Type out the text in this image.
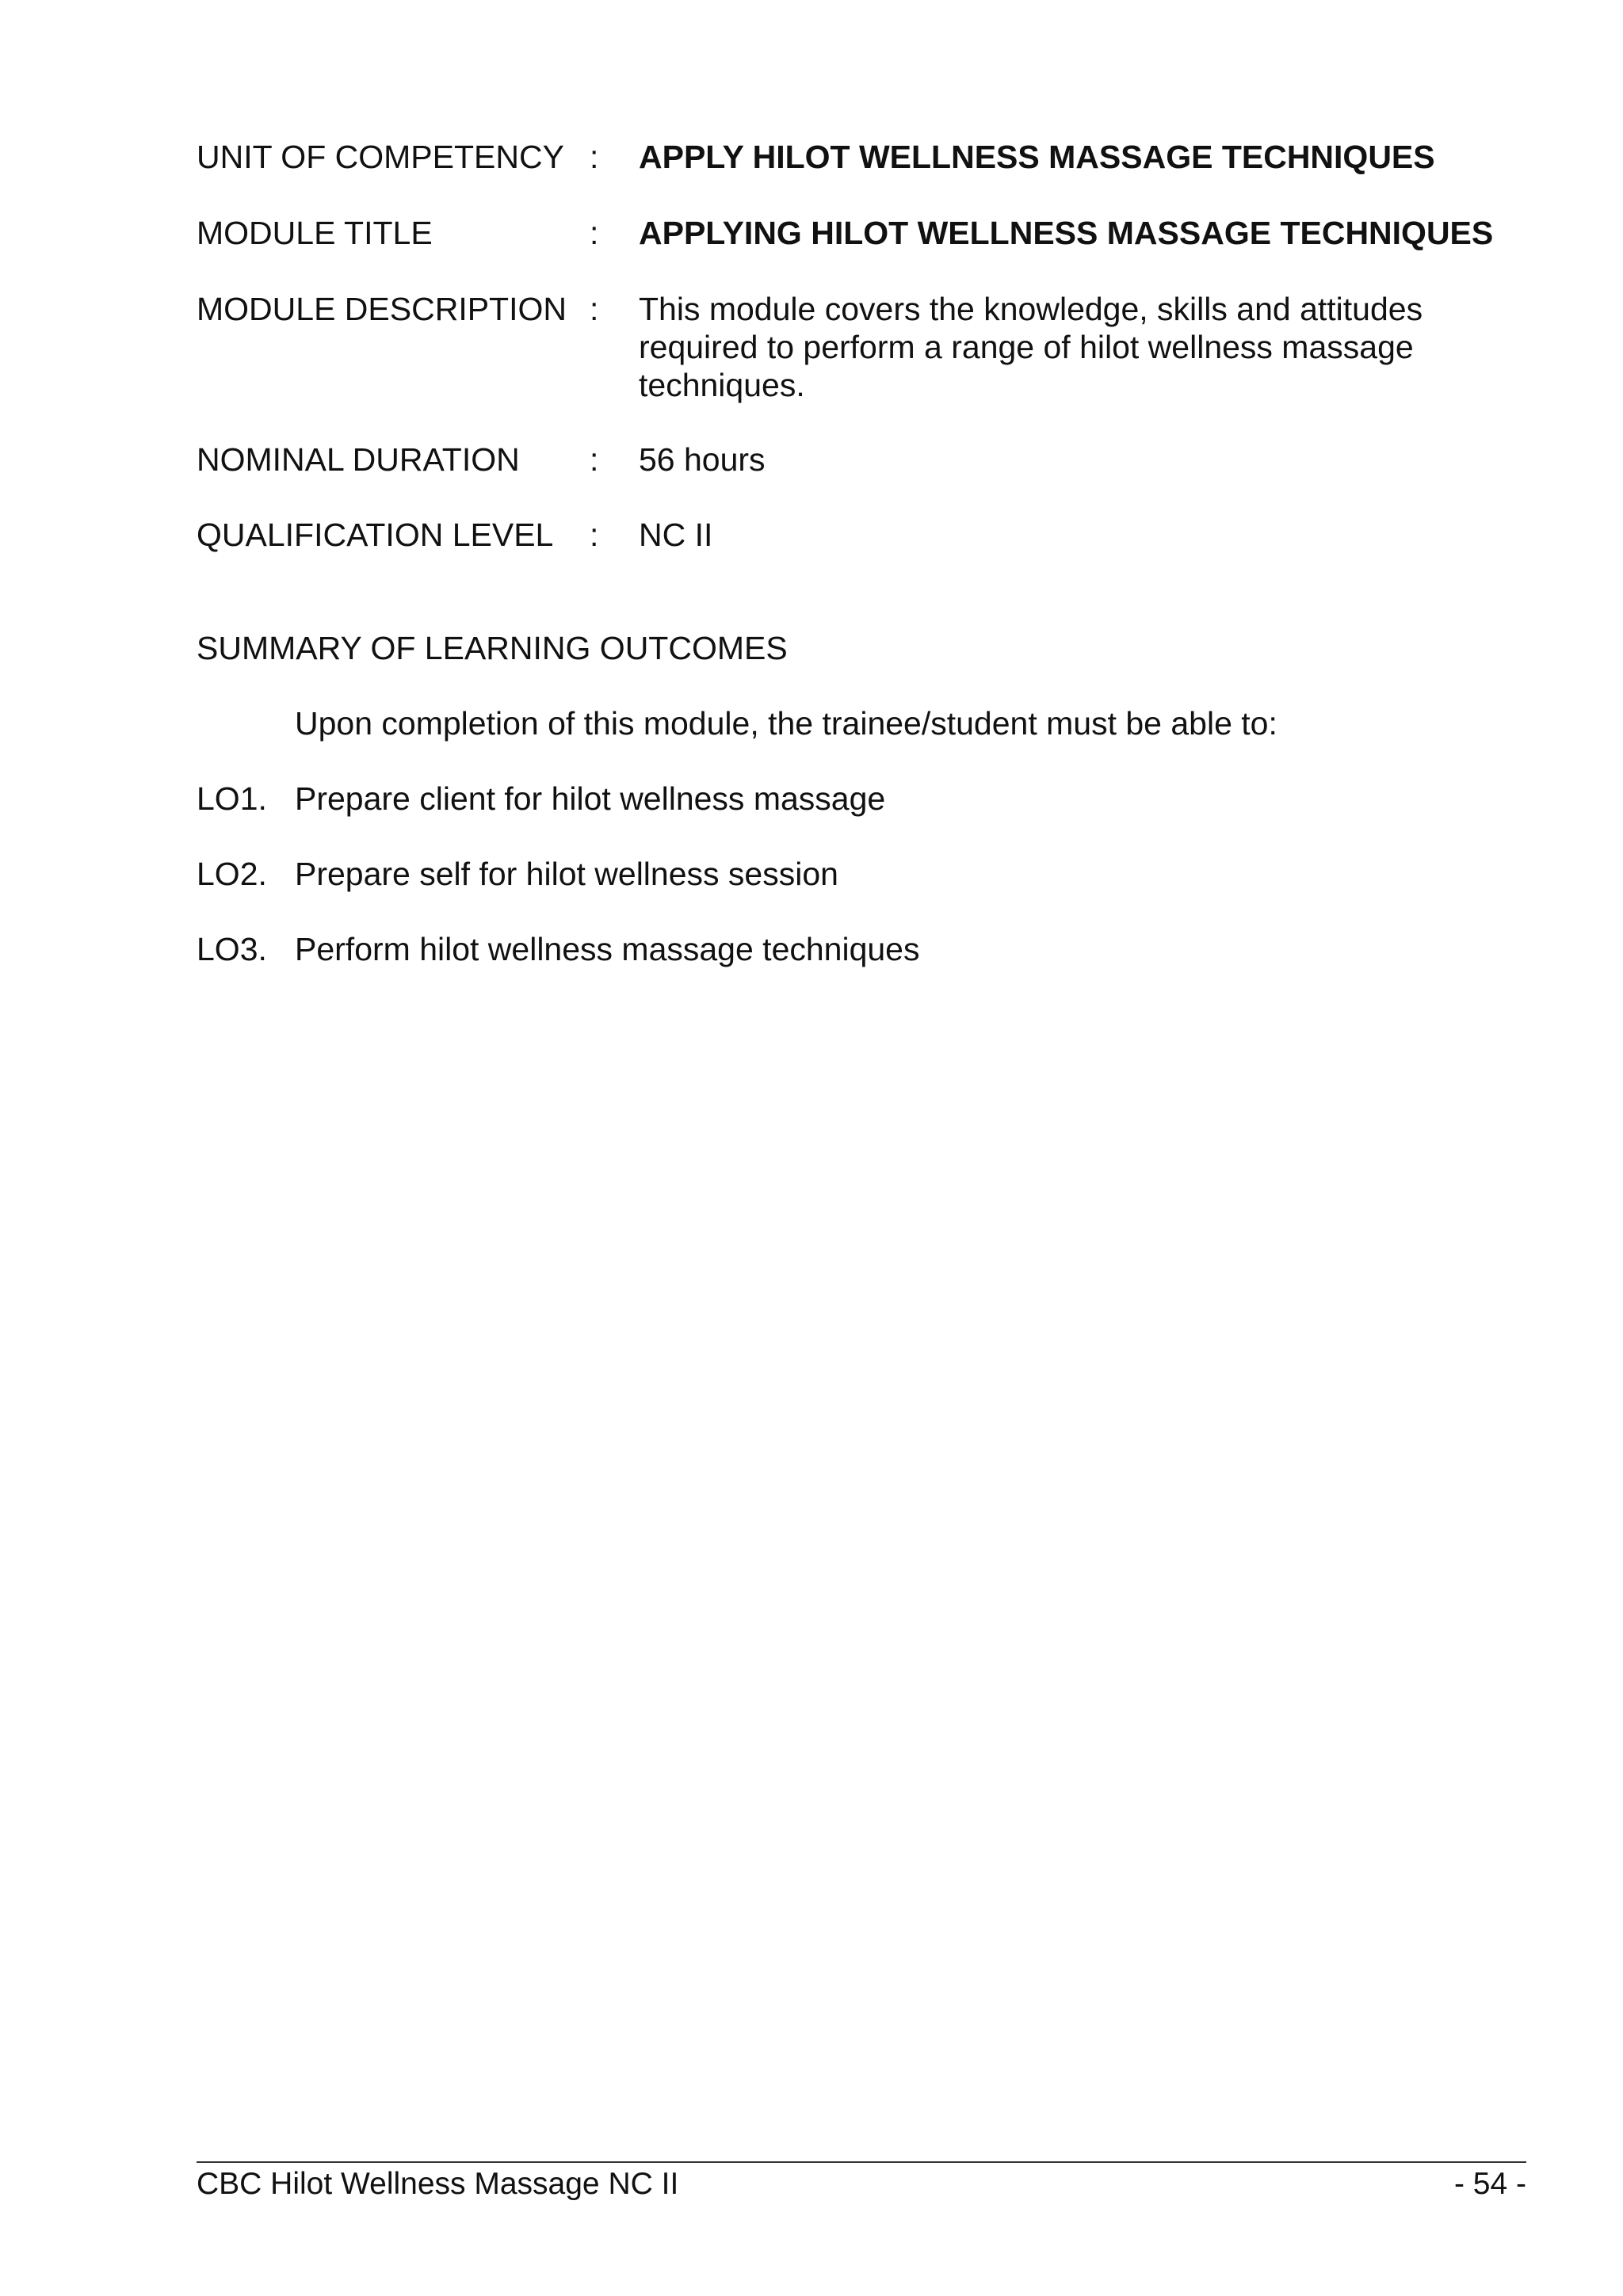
UNIT OF COMPETENCY : APPLY HILOT WELLNESS MASSAGE TECHNIQUES
MODULE TITLE	: APPLYING HILOT WELLNESS MASSAGE TECHNIQUES
MODULE DESCRIPTION : This module covers the knowledge, skills and attitudes required to perform a range of hilot wellness massage techniques.
NOMINAL DURATION : 56 hours
QUALIFICATION LEVEL : NC II
SUMMARY OF LEARNING OUTCOMES
Upon completion of this module, the trainee/student must be able to:
LO1. Prepare client for hilot wellness massage
LO2. Prepare self for hilot wellness session
LO3. Perform hilot wellness massage techniques
CBC Hilot Wellness Massage NC II	- 54 -
